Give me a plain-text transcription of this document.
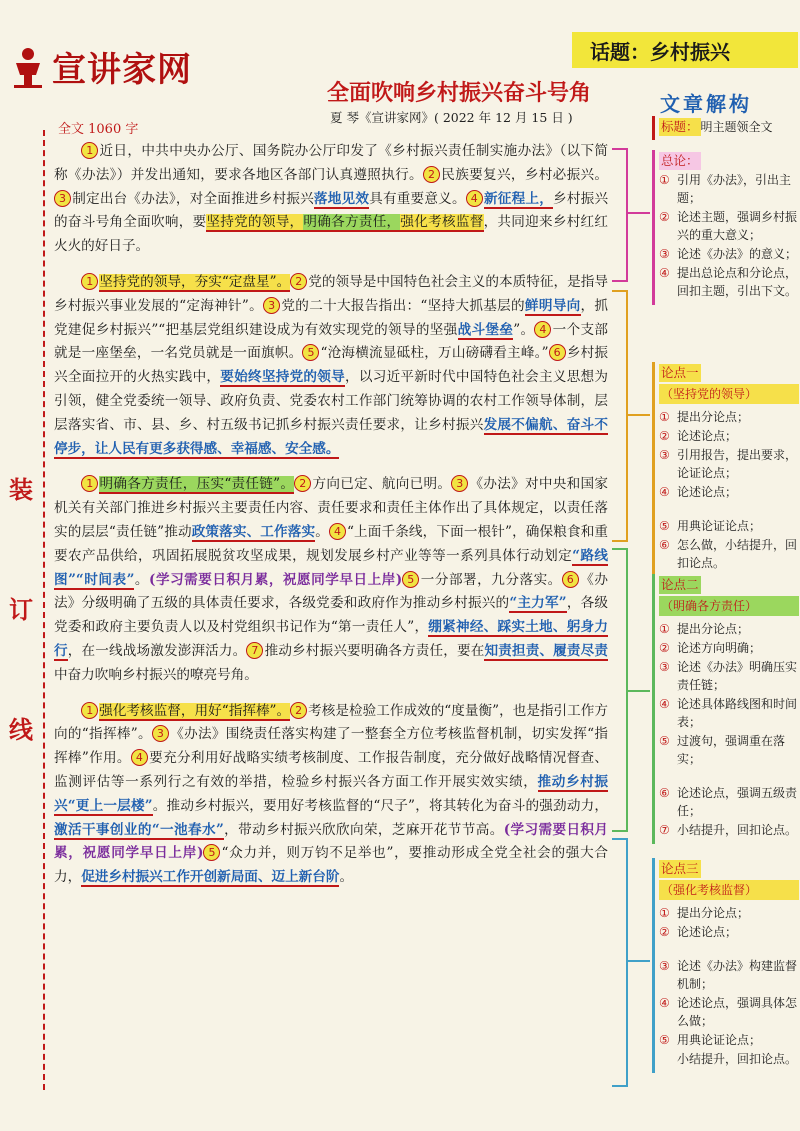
宣讲家网	话题：乡村振兴
全面吹响乡村振兴奋斗号角
夏 琴《宣讲家网》( 2022 年 12 月 15 日 )
全文 1060 字
装
订
线

1 近日，中共中央办公厅、国务院办公厅印发了《乡村振兴责任制实施办法》（以下简称《办法》）并发出通知，要求各地区各部门认真遵照执行。 2 民族要复兴，乡村必振兴。3 制定出台《办法》，对全面推进乡村振兴落地见效具有重要意义。 4 新征程上，乡村振兴的奋斗号角全面吹响，要坚持党的领导，明确各方责任，强化考核监督，共同迎来乡村红红火火的好日子。

1 坚持党的领导，夯实“定盘星”。 2 党的领导是中国特色社会主义的本质特征，是指导乡村振兴事业发展的“定海神针”。 3 党的二十大报告指出：“坚持大抓基层的鲜明导向，抓党建促乡村振兴”“把基层党组织建设成为有效实现党的领导的坚强战斗堡垒”。 4 一个支部就是一座堡垒，一名党员就是一面旗帜。 5 “沧海横流显砥柱，万山磅礴看主峰。” 6 乡村振兴全面拉开的火热实践中，要始终坚持党的领导，以习近平新时代中国特色社会主义思想为引领，健全党委统一领导、政府负责、党委农村工作部门统筹协调的农村工作领导体制，层层落实省、市、县、乡、村五级书记抓乡村振兴责任要求，让乡村振兴发展不偏航、奋斗不停步，让人民有更多获得感、幸福感、安全感。

1 明确各方责任，压实“责任链”。 2 方向已定、航向已明。 3 《办法》对中央和国家机关有关部门推进乡村振兴主要责任内容、责任要求和责任主体作出了具体规定，以责任落实的层层“责任链”推动政策落实、工作落实。 4 “上面千条线，下面一根针”，确保粮食和重要农产品供给，巩固拓展脱贫攻坚成果，规划发展乡村产业等等一系列具体行动划定“路线图”“时间表”。(学习需要日积月累，祝愿同学早日上岸) 5 一分部署，九分落实。 6 《办法》分级明确了五级的具体责任要求，各级党委和政府作为推动乡村振兴的“主力军”，各级党委和政府主要负责人以及村党组织书记作为“第一责任人”，绷紧神经、踩实土地、躬身力行，在一线战场激发澎湃活力。 7 推动乡村振兴要明确各方责任，要在知责担责、履责尽责中奋力吹响乡村振兴的嘹亮号角。

1 强化考核监督，用好“指挥棒”。 2 考核是检验工作成效的“度量衡”，也是指引工作方向的“指挥棒”。 3 《办法》围绕责任落实构建了一整套全方位考核监督机制，切实发挥“指挥棒”作用。 4 要充分利用好战略实绩考核制度、工作报告制度，充分做好战略情况督查、监测评估等一系列行之有效的举措，检验乡村振兴各方面工作开展实效实绩，推动乡村振兴“更上一层楼”。推动乡村振兴，要用好考核监督的“尺子”，将其转化为奋斗的强劲动力，激活干事创业的“一池春水”，带动乡村振兴欣欣向荣，芝麻开花节节高。(学习需要日积月累，祝愿同学早日上岸) 5 “众力并，则万钧不足举也”，要推动形成全党全社会的强大合力，促进乡村振兴工作开创新局面、迈上新台阶。

文章解构
标题： 明主题领全文
总论：
① 引用《办法》，引出主题；
② 论述主题，强调乡村振兴的重大意义；
③ 论述《办法》的意义；
④ 提出总论点和分论点，回扣主题，引出下文。
论点一
（坚持党的领导）
① 提出分论点；
② 论述论点；
③ 引用报告，提出要求，论证论点；
④ 论述论点；
⑤ 用典论证论点；
⑥ 怎么做，小结提升，回扣论点。
论点二
（明确各方责任）
① 提出分论点；
② 论述方向明确；
③ 论述《办法》明确压实责任链；
④ 论述具体路线图和时间表；
⑤ 过渡句，强调重在落实；
⑥ 论述论点，强调五级责任；
⑦ 小结提升，回扣论点。
论点三
（强化考核监督）
① 提出分论点；
② 论述论点；
③ 论述《办法》构建监督机制；
④ 论述论点，强调具体怎么做；
⑤ 用典论证论点；
小结提升，回扣论点。
